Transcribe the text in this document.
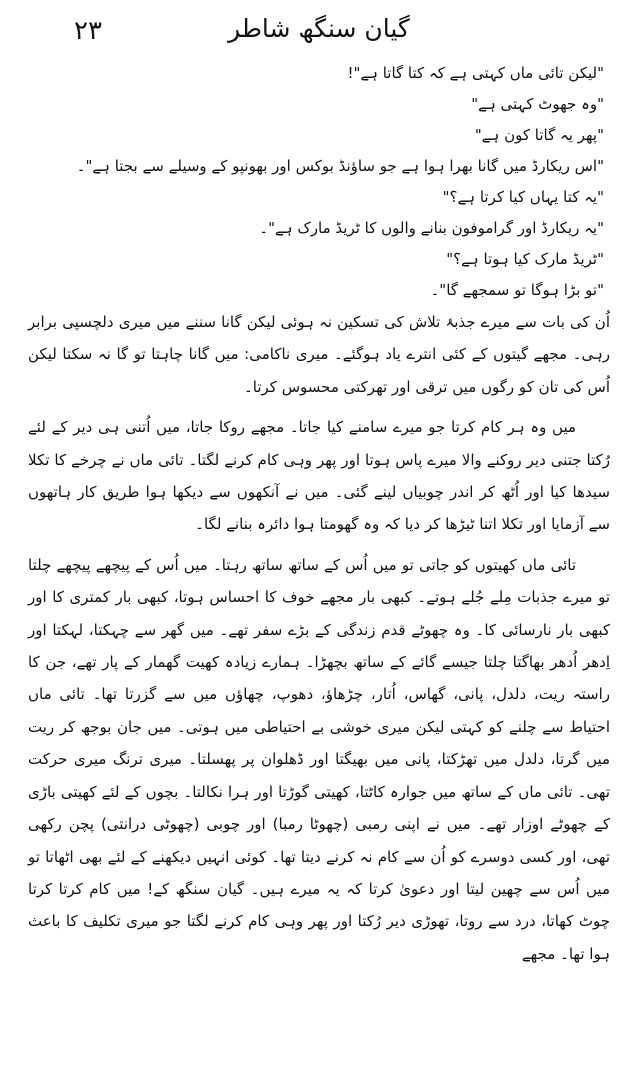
۲۳	گیان سنگھ شاطر

"لیکن تائی ماں کہتی ہے کہ کتا گاتا ہے"!

"وہ جھوٹ کہتی ہے"

"پھر یہ گاتا کون ہے"

"اس ریکارڈ میں گانا بھرا ہوا ہے جو ساؤنڈ بوکس اور بھونپو کے وسیلے سے بجتا ہے"۔

"یہ کتا یہاں کیا کرتا ہے؟"

"یہ ریکارڈ اور گراموفون بنانے والوں کا ٹریڈ مارک ہے"۔

"ٹریڈ مارک کیا ہوتا ہے؟"

"تو بڑا ہوگا تو سمجھے گا"۔

اُن کی بات سے میرے جذبۂ تلاش کی تسکین نہ ہوئی لیکن گانا سننے میں میری دلچسپی برابر رہی۔ مجھے گیتوں کے کئی انترے یاد ہوگئے۔ میری ناکامی: میں گانا چاہتا تو گا نہ سکتا لیکن اُس کی تان کو رگوں میں ترقی اور تھرکتی محسوس کرتا۔

میں وہ ہر کام کرتا جو میرے سامنے کیا جاتا۔ مجھے روکا جاتا، میں اُتنی ہی دیر کے لئے رُکتا جتنی دیر روکنے والا میرے پاس ہوتا اور پھر وہی کام کرنے لگتا۔ تائی ماں نے چرخے کا تکلا سیدھا کیا اور اُٹھ کر اندر چوبیاں لینے گئی۔ میں نے آنکھوں سے دیکھا ہوا طریق کار ہاتھوں سے آزمایا اور تکلا اتنا ٹیڑھا کر دیا کہ وہ گھومتا ہوا دائرہ بنانے لگا۔

تائی ماں کھیتوں کو جاتی تو میں اُس کے ساتھ ساتھ رہتا۔ میں اُس کے پیچھے پیچھے چلتا تو میرے جذبات مِلے جُلے ہوتے۔ کبھی بار مجھے خوف کا احساس ہوتا، کبھی بار کمتری کا اور کبھی بار نارسائی کا۔ وہ چھوٹے قدم زندگی کے بڑے سفر تھے۔ میں گھر سے چہکتا، لہکتا اور اِدھر اُدھر بھاگتا چلتا جیسے گائے کے ساتھ بچھڑا۔ ہمارے زیادہ کھیت گھمار کے پار تھے، جن کا راستہ ریت، دلدل، پانی، گھاس، اُتار، چڑھاؤ، دھوپ، چھاؤں میں سے گزرتا تھا۔ تائی ماں احتیاط سے چلنے کو کہتی لیکن میری خوشی بے احتیاطی میں ہوتی۔ میں جان بوجھ کر ریت میں گرتا، دلدل میں تھڑکتا، پانی میں بھیگتا اور ڈھلوان پر پھسلتا۔ میری ترنگ میری حرکت تھی۔ تائی ماں کے ساتھ میں جوارہ کاٹتا، کھیتی گوڑتا اور ہرا نکالتا۔ بچوں کے لئے کھیتی باڑی کے چھوٹے اوزار تھے۔ میں نے اپنی رمبی (چھوٹا رمبا) اور چوبی (چھوٹی درانتی) پچن رکھی تھی، اور کسی دوسرے کو اُن سے کام نہ کرنے دیتا تھا۔ کوئی انہیں دیکھنے کے لئے بھی اٹھاتا تو میں اُس سے چھین لیتا اور دعویٰ کرتا کہ یہ میرے ہیں۔ گیان سنگھ کے! میں کام کرتا کرتا چوٹ کھاتا، درد سے روتا، تھوڑی دیر رُکتا اور پھر وہی کام کرنے لگتا جو میری تکلیف کا باعث ہوا تھا۔ مجھے
